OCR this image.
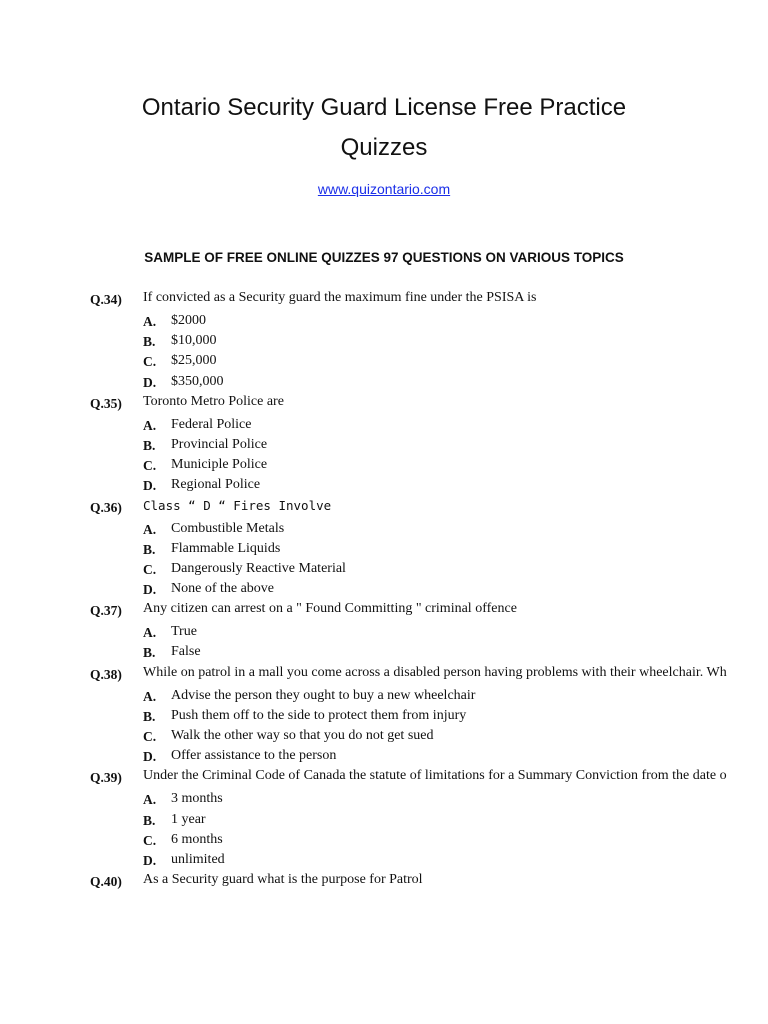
Ontario Security Guard License Free Practice
Quizzes
www.quizontario.com
SAMPLE OF FREE ONLINE QUIZZES 97 QUESTIONS ON VARIOUS TOPICS
Q.34) If convicted as a Security guard the maximum fine under the PSISA is
A. $2000
B. $10,000
C. $25,000
D. $350,000
Q.35) Toronto Metro Police are
A. Federal Police
B. Provincial Police
C. Municiple Police
D. Regional Police
Q.36) Class “ D “ Fires Involve
A. Combustible Metals
B. Flammable Liquids
C. Dangerously Reactive Material
D. None of the above
Q.37) Any citizen can arrest on a " Found Committing " criminal offence
A. True
B. False
Q.38) While on patrol in a mall you come across a disabled person having problems with their wheelchair. Wh
A. Advise the person they ought to buy a new wheelchair
B. Push them off to the side to protect them from injury
C. Walk the other way so that you do not get sued
D. Offer assistance to the person
Q.39) Under the Criminal Code of Canada the statute of limitations for a Summary Conviction from the date o
A. 3 months
B. 1 year
C. 6 months
D. unlimited
Q.40) As a Security guard what is the purpose for Patrol
